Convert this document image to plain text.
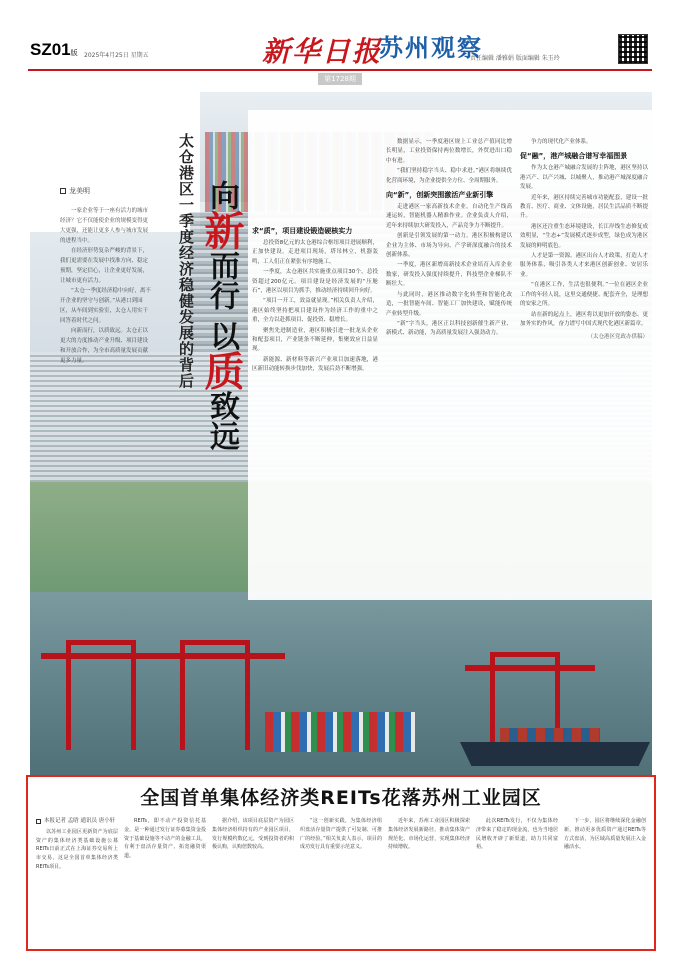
SZ01版 2025年4月25日 星期五	新华日报
苏州观察
责任编辑 潘雅娟 版面编辑 朱玉玲
第1728期
龙美明

一家企业等于一座有活力的城市经济？它不仅能使企业的规模变得更大更强，还能让更多人参与城市发展的进程当中。

在经济形势复杂严峻的背景下，我们更需要在发展中找准方向、稳定预期，坚定信心，让企业更好发展，让城市更有活力。

“太仓一季度经济稳中向好，离不开企业的坚守与创新。”从港口到园区，从车间到实验室，太仓人用实干回答着时代之问。

向新而行，以质致远。太仓正以更大的力度推动产业升级、项目建设和开放合作，为全市高质量发展贡献更多力量。	太仓港区一季度经济稳健发展的背后 向新而行 以质致远
求“质”，项目建设锻造硬核实力

总投资8亿元的太仓港综合枢纽项目进展顺利，正加快建设。走进项目现场，塔吊林立，机器轰鸣，工人们正在紧张有序地施工。

一季度，太仓港区共实施重点项目30个，总投资超过200亿元。项目建设是经济发展的“压舱石”，港区以项目为抓手，推动经济持续回升向好。

“项目一开工，效益就显现。”相关负责人介绍，港区始终坚持把项目建设作为经济工作的重中之重，全力以赴抓项目、促投资、稳增长。

聚焦先进制造业，港区积极引进一批龙头企业和配套项目，产业链条不断延伸，集聚效应日益显现。

新能源、新材料等新兴产业项目加速落地，港区新旧动能转换步伐加快，发展后劲不断增强。

数据显示，一季度港区规上工业总产值同比增长明显，工业投资保持两位数增长，外贸进出口稳中有进。

“我们坚持稳字当头、稳中求进。”港区将继续优化营商环境，为企业提供全方位、全周期服务。

向“新”，创新突围激活产业新引擎

走进港区一家高新技术企业，自动化生产线高速运转，智能机器人精准作业。企业负责人介绍，近年来持续加大研发投入，产品竞争力不断提升。

创新是引领发展的第一动力。港区积极构建以企业为主体、市场为导向、产学研深度融合的技术创新体系。

一季度，港区新增高新技术企业培育入库企业数家，研发投入强度持续提升，科技型企业梯队不断壮大。

与此同时，港区推动数字化转型和智能化改造，一批智能车间、智能工厂加快建设，赋能传统产业转型升级。

“新”字当头，港区正以科技创新催生新产业、新模式、新动能，为高质量发展注入强劲动力。

争力的现代化产业体系。

促“融”，港产城融合谱写幸福图景

作为太仓港产城融合发展的主阵地，港区坚持以港兴产、以产兴城、以城聚人，推动港产城深度融合发展。

近年来，港区持续完善城市功能配套，建设一批教育、医疗、商业、文体设施，居民生活品质不断提升。

港区还注重生态环境建设，长江岸线生态修复成效明显，“生态+”发展模式逐步成型，绿色成为港区发展的鲜明底色。

人才是第一资源。港区出台人才政策，打造人才服务体系，吸引各类人才来港区创新创业、安居乐业。

“在港区工作，生活也很便利。”一位在港区企业工作的年轻人说，这里交通便捷、配套齐全，是理想的安家之所。

站在新的起点上，港区将以更加开放的姿态、更加务实的作风，奋力谱写中国式现代化港区新篇章。

（太仓港区党政办供稿）
全国首单集体经济类REITs花落苏州工业园区
本报记者 孟晗 通讯员 唐小轩

以苏州工业园区更新资产为底层资产的集体经济类基础设施公募REITs日前正式在上海证券交易所上市交易，这是全国首单集体经济类REITs项目。

REITs，即不动产投资信托基金，是一种通过发行证券募集资金投资于基础设施等不动产的金融工具，有利于盘活存量资产、拓宽融资渠道。

据介绍，该项目底层资产为园区集体经济组织持有的产业园区项目，发行规模约数亿元，受到投资者的积极认购，认购倍数较高。

“这一创新实践，为集体经济组织盘活存量资产提供了可复制、可推广的经验。”相关负责人表示，项目的成功发行具有重要示范意义。

近年来，苏州工业园区积极探索集体经济发展新路径，推动集体资产规范化、市场化运营，实现集体经济持续增收。

此次REITs发行，不仅为集体经济带来了稳定的现金流，也为当地居民增收开辟了新渠道，助力共同富裕。

下一步，园区将继续深化金融创新，推动更多优质资产通过REITs等方式盘活，为区域高质量发展注入金融活水。
